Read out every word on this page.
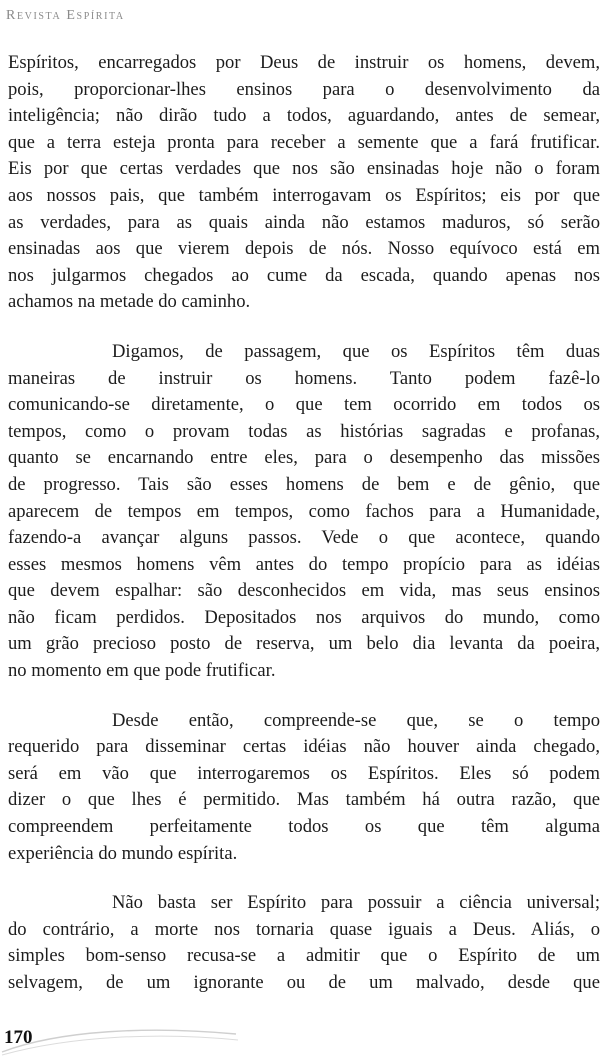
Revista Espírita

Espíritos, encarregados por Deus de instruir os homens, devem,
pois, proporcionar-lhes ensinos para o desenvolvimento da
inteligência; não dirão tudo a todos, aguardando, antes de semear,
que a terra esteja pronta para receber a semente que a fará frutificar.
Eis por que certas verdades que nos são ensinadas hoje não o foram
aos nossos pais, que também interrogavam os Espíritos; eis por que
as verdades, para as quais ainda não estamos maduros, só serão
ensinadas aos que vierem depois de nós. Nosso equívoco está em
nos julgarmos chegados ao cume da escada, quando apenas nos
achamos na metade do caminho.

Digamos, de passagem, que os Espíritos têm duas
maneiras de instruir os homens. Tanto podem fazê-lo
comunicando-se diretamente, o que tem ocorrido em todos os
tempos, como o provam todas as histórias sagradas e profanas,
quanto se encarnando entre eles, para o desempenho das missões
de progresso. Tais são esses homens de bem e de gênio, que
aparecem de tempos em tempos, como fachos para a Humanidade,
fazendo-a avançar alguns passos. Vede o que acontece, quando
esses mesmos homens vêm antes do tempo propício para as idéias
que devem espalhar: são desconhecidos em vida, mas seus ensinos
não ficam perdidos. Depositados nos arquivos do mundo, como
um grão precioso posto de reserva, um belo dia levanta da poeira,
no momento em que pode frutificar.

Desde então, compreende-se que, se o tempo
requerido para disseminar certas idéias não houver ainda chegado,
será em vão que interrogaremos os Espíritos. Eles só podem
dizer o que lhes é permitido. Mas também há outra razão, que
compreendem perfeitamente todos os que têm alguma
experiência do mundo espírita.

Não basta ser Espírito para possuir a ciência universal;
do contrário, a morte nos tornaria quase iguais a Deus. Aliás, o
simples bom-senso recusa-se a admitir que o Espírito de um
selvagem, de um ignorante ou de um malvado, desde que

170
